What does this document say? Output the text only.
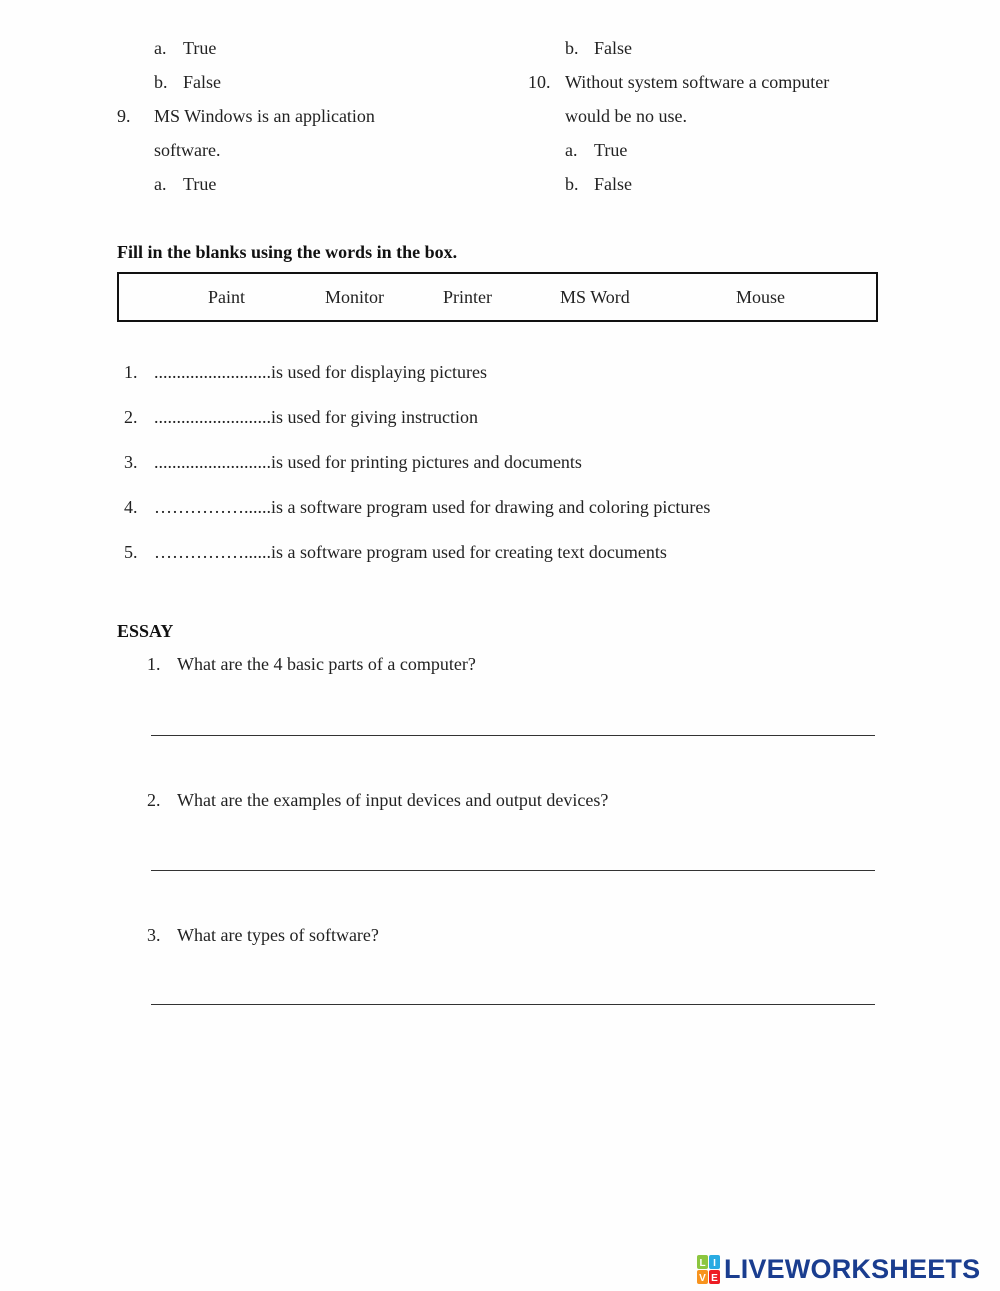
a. True
b. False
9. MS Windows is an application
software.
a. True
b. False
10. Without system software a computer
would be no use.
a. True
b. False
Fill in the blanks using the words in the box.
Paint	Monitor	Printer	MS Word	Mouse
1. ..........................is used for displaying pictures
2. ..........................is used for giving instruction
3. ..........................is used for printing pictures and documents
4. ……………......is a software program used for drawing and coloring pictures
5. ……………......is a software program used for creating text documents
ESSAY
1. What are the 4 basic parts of a computer?
2. What are the examples of input devices and output devices?
3. What are types of software?
L I
V E LIVEWORKSHEETS
